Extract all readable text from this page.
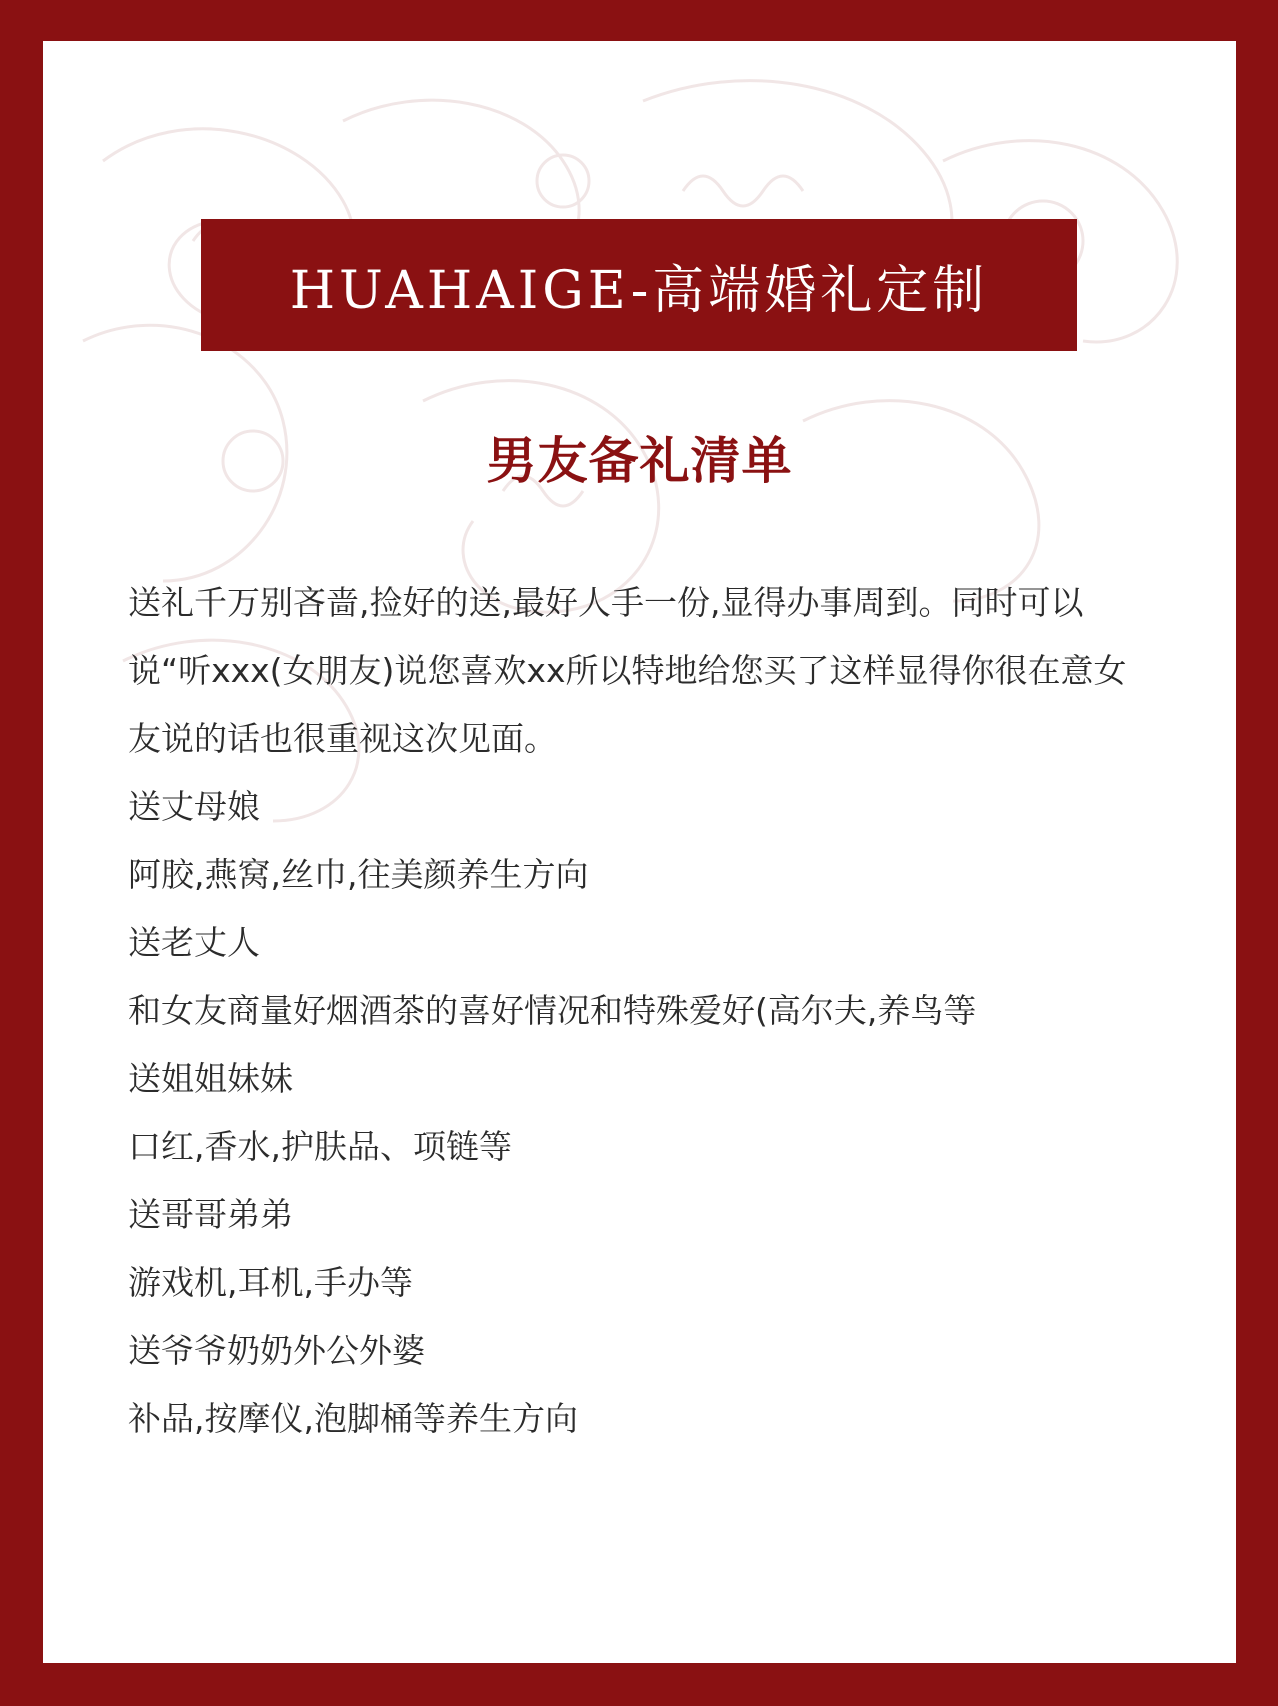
HUAHAIGE-高端婚礼定制
男友备礼清单

送礼千万别吝啬,捡好的送,最好人手一份,显得办事周到。同时可以说“听xxx(女朋友)说您喜欢xx所以特地给您买了这样显得你很在意女友说的话也很重视这次见面。

送丈母娘
阿胶,燕窝,丝巾,往美颜养生方向
送老丈人
和女友商量好烟酒茶的喜好情况和特殊爱好(高尔夫,养鸟等
送姐姐妹妹
口红,香水,护肤品、项链等
送哥哥弟弟
游戏机,耳机,手办等
送爷爷奶奶外公外婆
补品,按摩仪,泡脚桶等养生方向
